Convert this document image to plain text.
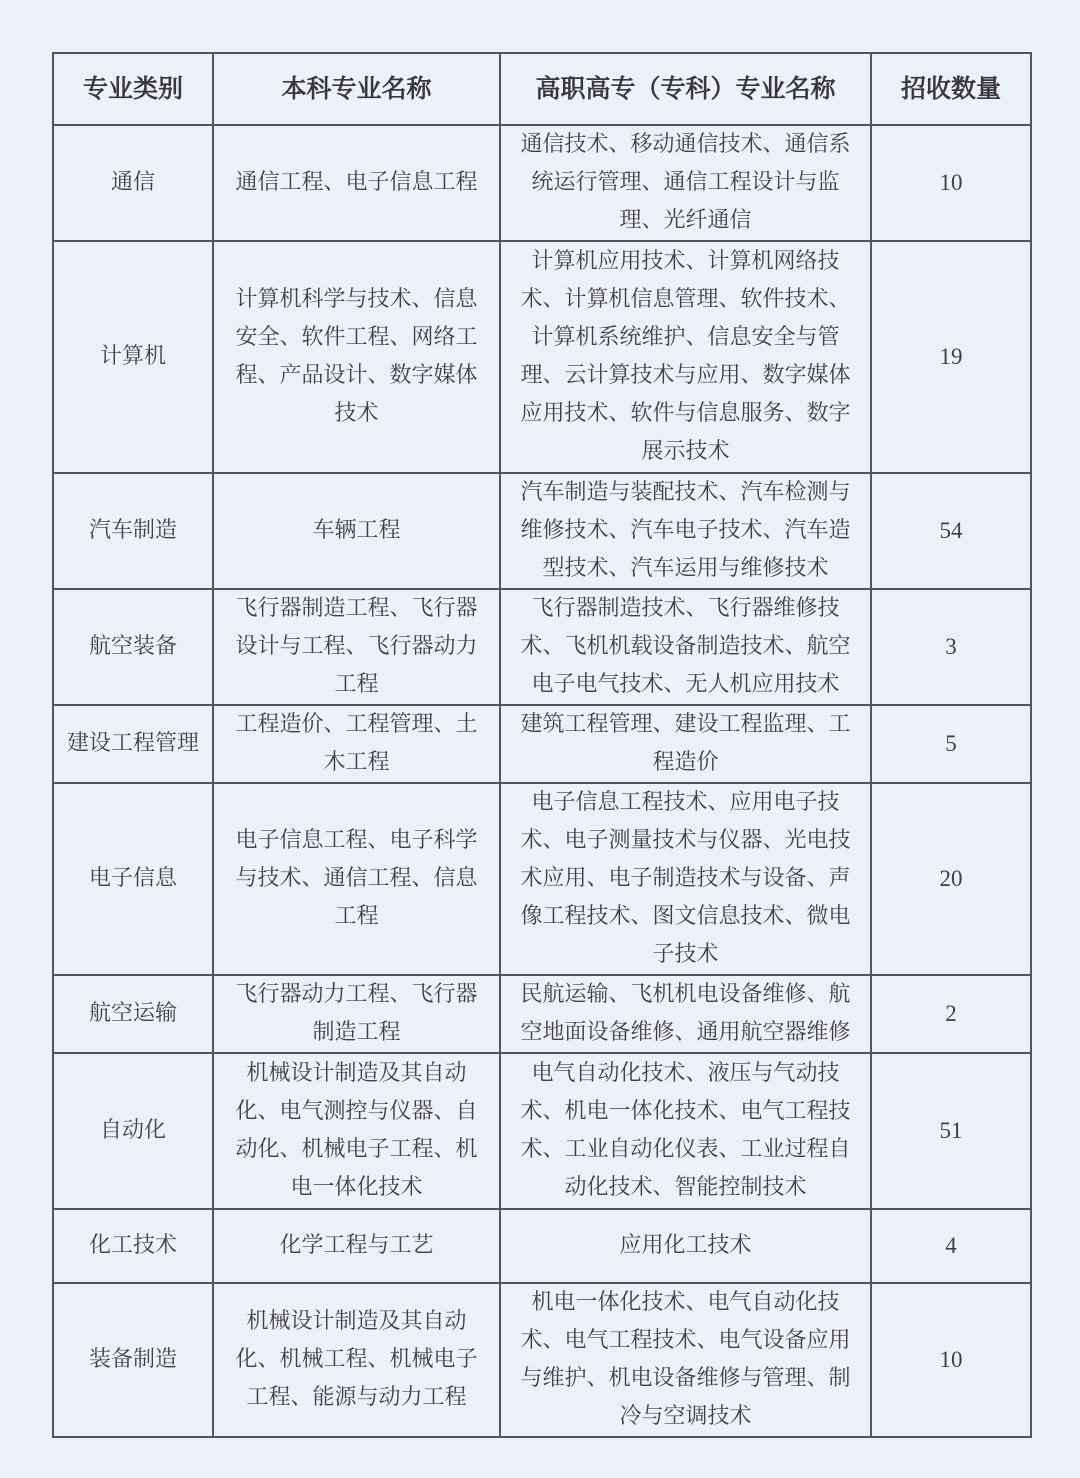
专业类别	本科专业名称	高职高专（专科）专业名称	招收数量
通信	通信工程、电子信息工程	通信技术、移动通信技术、通信系统运行管理、通信工程设计与监理、光纤通信	10
计算机	计算机科学与技术、信息安全、软件工程、网络工程、产品设计、数字媒体技术	计算机应用技术、计算机网络技术、计算机信息管理、软件技术、计算机系统维护、信息安全与管理、云计算技术与应用、数字媒体应用技术、软件与信息服务、数字展示技术	19
汽车制造	车辆工程	汽车制造与装配技术、汽车检测与维修技术、汽车电子技术、汽车造型技术、汽车运用与维修技术	54
航空装备	飞行器制造工程、飞行器设计与工程、飞行器动力工程	飞行器制造技术、飞行器维修技术、飞机机载设备制造技术、航空电子电气技术、无人机应用技术	3
建设工程管理	工程造价、工程管理、土木工程	建筑工程管理、建设工程监理、工程造价	5
电子信息	电子信息工程、电子科学与技术、通信工程、信息工程	电子信息工程技术、应用电子技术、电子测量技术与仪器、光电技术应用、电子制造技术与设备、声像工程技术、图文信息技术、微电子技术	20
航空运输	飞行器动力工程、飞行器制造工程	民航运输、飞机机电设备维修、航空地面设备维修、通用航空器维修	2
自动化	机械设计制造及其自动化、电气测控与仪器、自动化、机械电子工程、机电一体化技术	电气自动化技术、液压与气动技术、机电一体化技术、电气工程技术、工业自动化仪表、工业过程自动化技术、智能控制技术	51
化工技术	化学工程与工艺	应用化工技术	4
装备制造	机械设计制造及其自动化、机械工程、机械电子工程、能源与动力工程	机电一体化技术、电气自动化技术、电气工程技术、电气设备应用与维护、机电设备维修与管理、制冷与空调技术	10
